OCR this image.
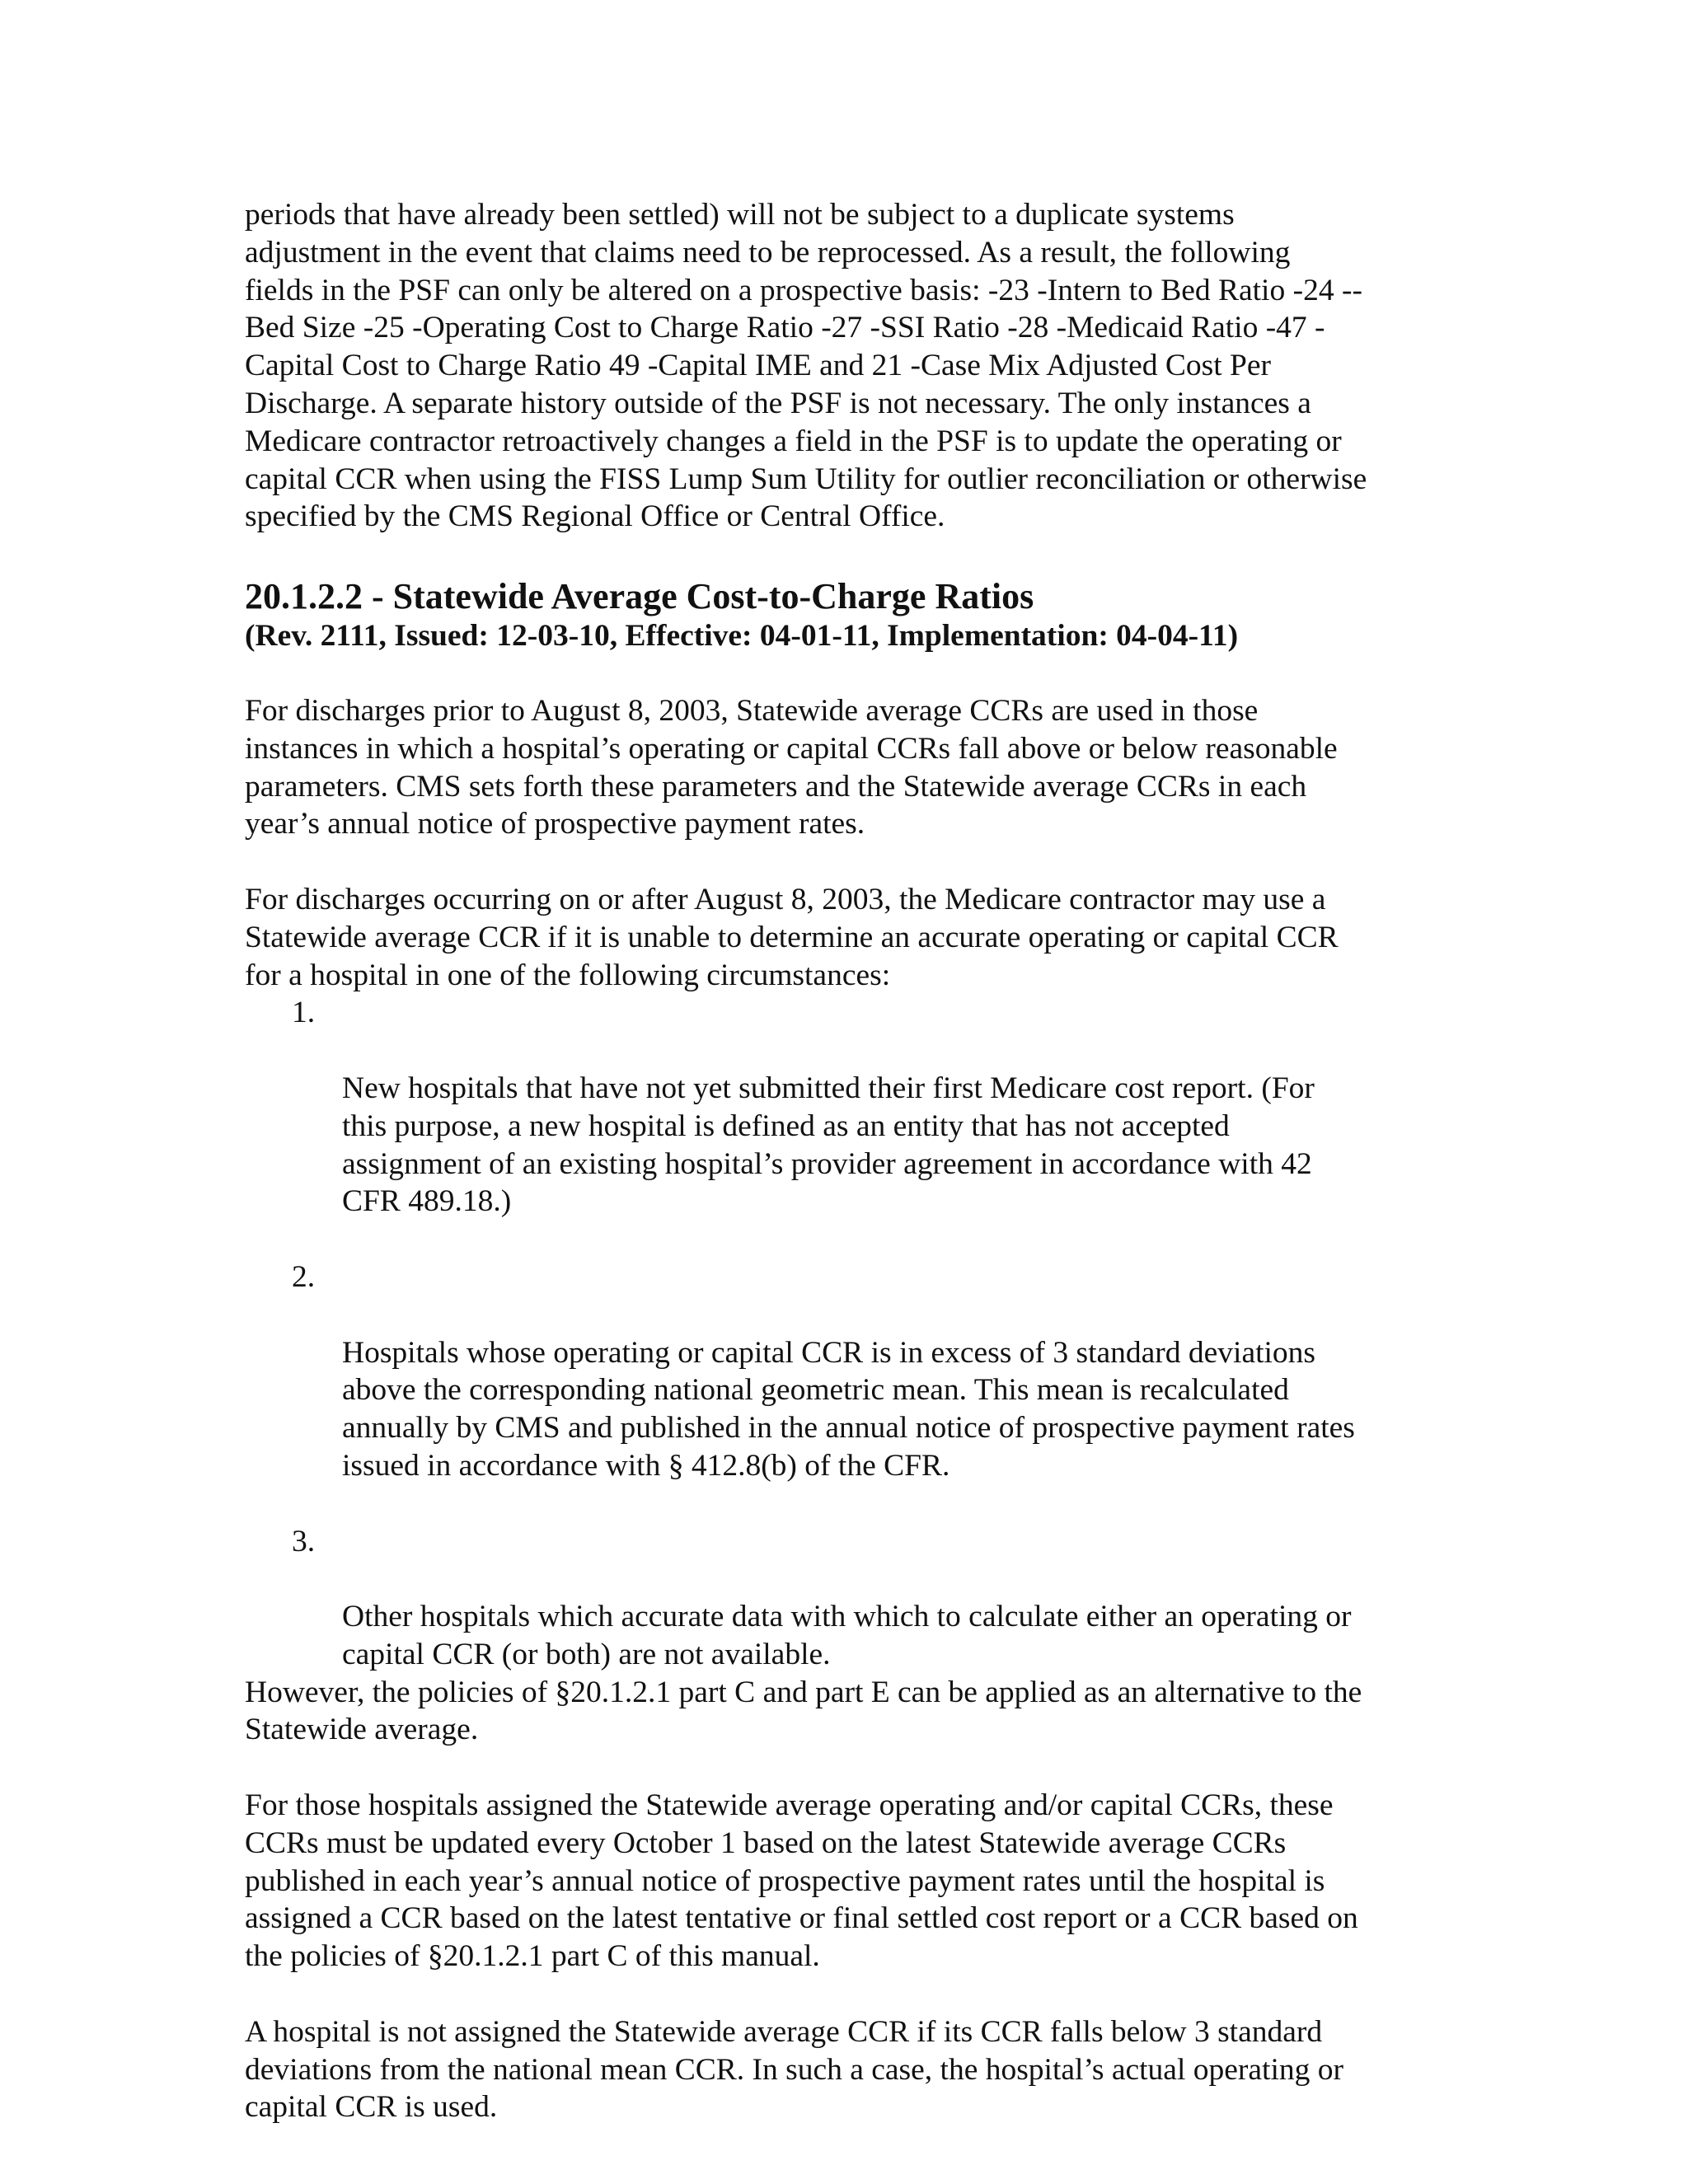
periods that have already been settled) will not be subject to a duplicate systems
adjustment in the event that claims need to be reprocessed. As a result, the following
fields in the PSF can only be altered on a prospective basis: -23 -Intern to Bed Ratio -24 --
Bed Size -25 -Operating Cost to Charge Ratio -27 -SSI Ratio -28 -Medicaid Ratio -47 -
Capital Cost to Charge Ratio 49 -Capital IME and 21 -Case Mix Adjusted Cost Per
Discharge. A separate history outside of the PSF is not necessary. The only instances a
Medicare contractor retroactively changes a field in the PSF is to update the operating or
capital CCR when using the FISS Lump Sum Utility for outlier reconciliation or otherwise
specified by the CMS Regional Office or Central Office.

20.1.2.2 - Statewide Average Cost-to-Charge Ratios

(Rev. 2111, Issued: 12-03-10, Effective: 04-01-11, Implementation: 04-04-11)

For discharges prior to August 8, 2003, Statewide average CCRs are used in those
instances in which a hospital’s operating or capital CCRs fall above or below reasonable
parameters. CMS sets forth these parameters and the Statewide average CCRs in each
year’s annual notice of prospective payment rates.

For discharges occurring on or after August 8, 2003, the Medicare contractor may use a
Statewide average CCR if it is unable to determine an accurate operating or capital CCR
for a hospital in one of the following circumstances:

1.

New hospitals that have not yet submitted their first Medicare cost report. (For
this purpose, a new hospital is defined as an entity that has not accepted
assignment of an existing hospital’s provider agreement in accordance with 42
CFR 489.18.)

2.

Hospitals whose operating or capital CCR is in excess of 3 standard deviations
above the corresponding national geometric mean. This mean is recalculated
annually by CMS and published in the annual notice of prospective payment rates
issued in accordance with § 412.8(b) of the CFR.

3.

Other hospitals which accurate data with which to calculate either an operating or
capital CCR (or both) are not available.

However, the policies of §20.1.2.1 part C and part E can be applied as an alternative to the
Statewide average.

For those hospitals assigned the Statewide average operating and/or capital CCRs, these
CCRs must be updated every October 1 based on the latest Statewide average CCRs
published in each year’s annual notice of prospective payment rates until the hospital is
assigned a CCR based on the latest tentative or final settled cost report or a CCR based on
the policies of §20.1.2.1 part C of this manual.

A hospital is not assigned the Statewide average CCR if its CCR falls below 3 standard
deviations from the national mean CCR. In such a case, the hospital’s actual operating or
capital CCR is used.
